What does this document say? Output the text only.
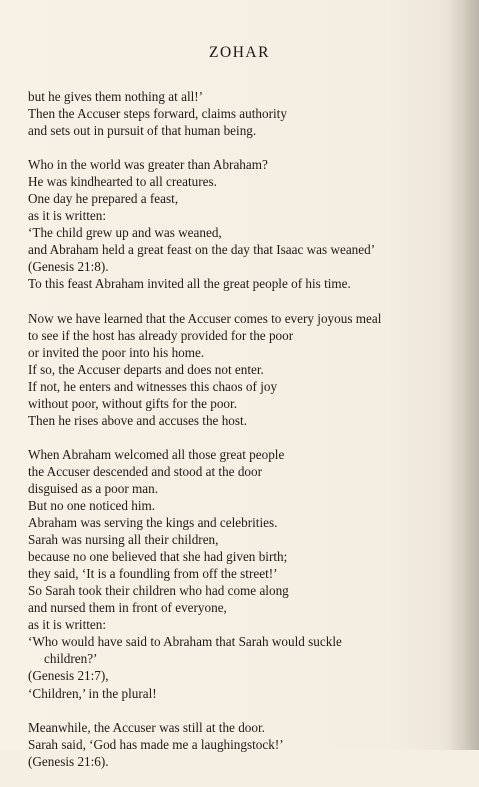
ZOHAR
but he gives them nothing at all!’
Then the Accuser steps forward, claims authority
and sets out in pursuit of that human being.
Who in the world was greater than Abraham?
He was kindhearted to all creatures.
One day he prepared a feast,
as it is written:
‘The child grew up and was weaned,
and Abraham held a great feast on the day that Isaac was weaned’
(Genesis 21:8).
To this feast Abraham invited all the great people of his time.
Now we have learned that the Accuser comes to every joyous meal
to see if the host has already provided for the poor
or invited the poor into his home.
If so, the Accuser departs and does not enter.
If not, he enters and witnesses this chaos of joy
without poor, without gifts for the poor.
Then he rises above and accuses the host.
When Abraham welcomed all those great people
the Accuser descended and stood at the door
disguised as a poor man.
But no one noticed him.
Abraham was serving the kings and celebrities.
Sarah was nursing all their children,
because no one believed that she had given birth;
they said, ‘It is a foundling from off the street!’
So Sarah took their children who had come along
and nursed them in front of everyone,
as it is written:
‘Who would have said to Abraham that Sarah would suckle
children?’
(Genesis 21:7),
‘Children,’ in the plural!
Meanwhile, the Accuser was still at the door.
Sarah said, ‘God has made me a laughingstock!’
(Genesis 21:6).
